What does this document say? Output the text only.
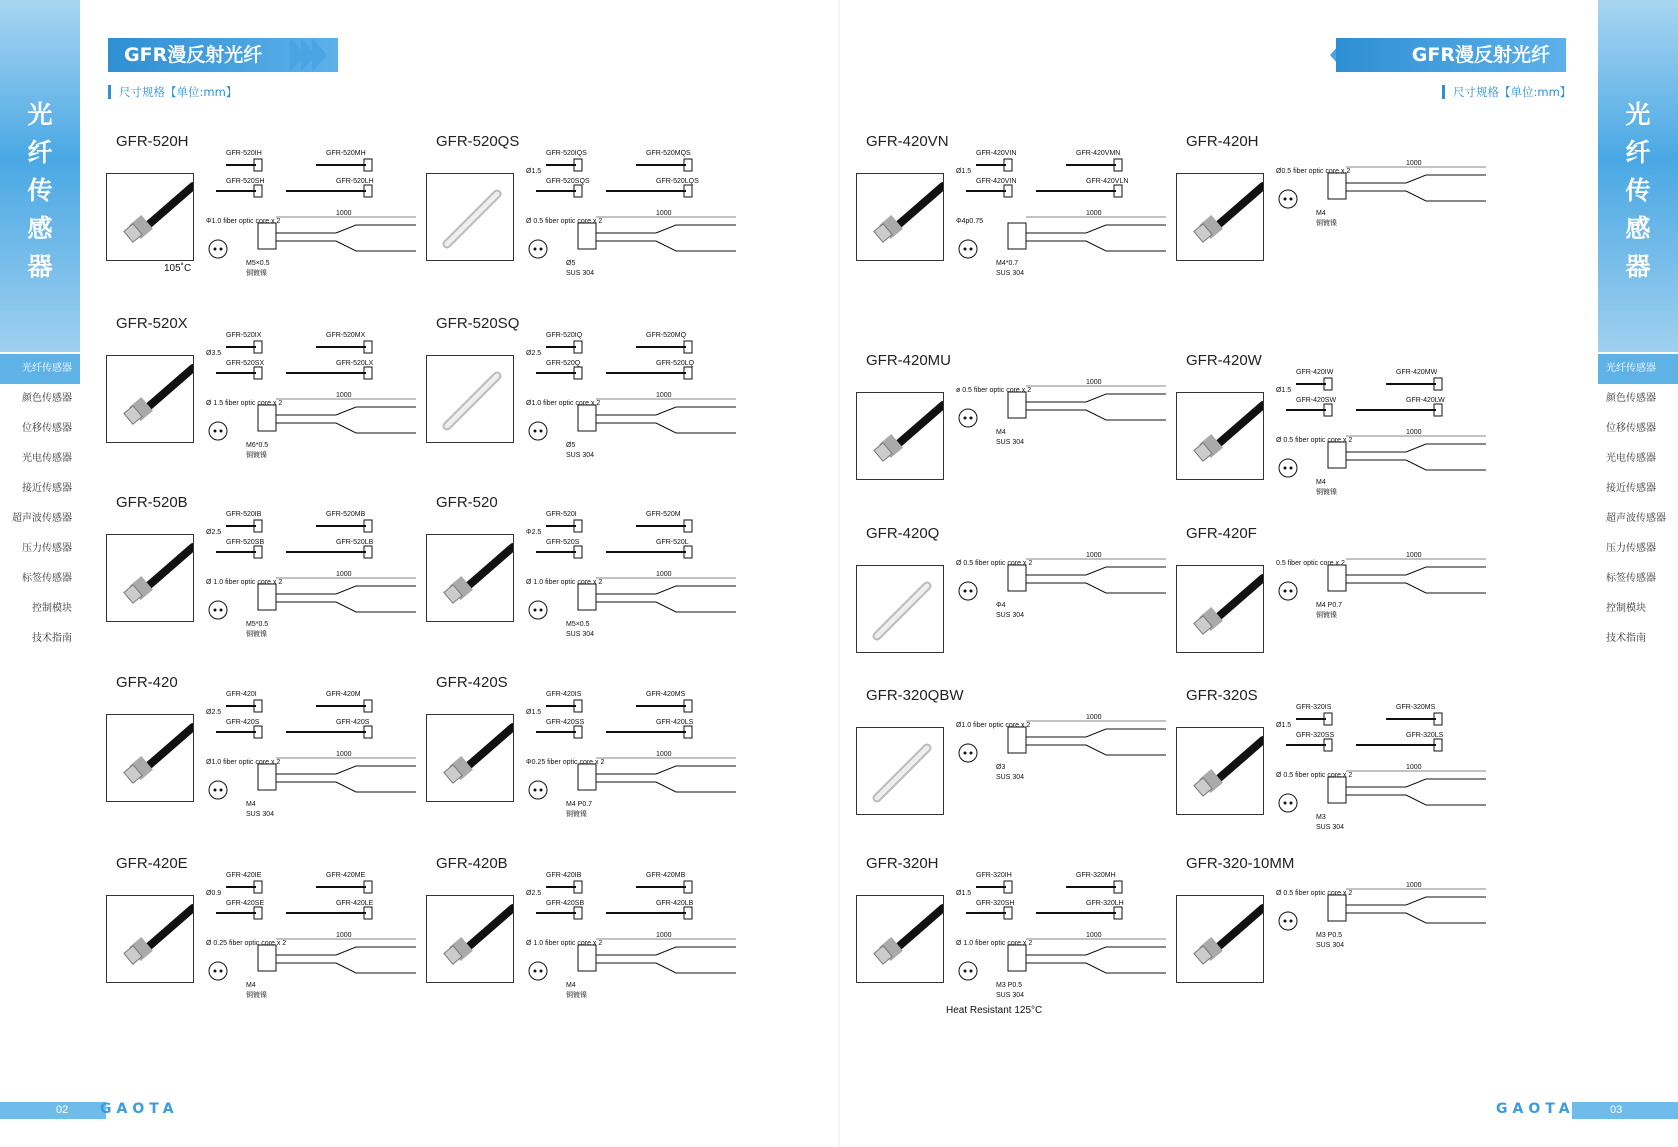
光
纤
传
感
器
光纤传感器
颜色传感器
位移传感器
光电传感器
接近传感器
超声波传感器
压力传感器
标签传感器
控制模块
技术指南
光
纤
传
感
器
光纤传感器
颜色传感器
位移传感器
光电传感器
接近传感器
超声波传感器
压力传感器
标签传感器
控制模块
技术指南
GFR漫反射光纤	GFR漫反射光纤
尺寸规格【单位:mm】	尺寸规格【单位:mm】
GFR-520H
GFR-520IH	GFR-520MH
GFR-520SH	GFR-520LH
Φ1.0 fiber optic core x 2
1000
M5×0.5
铜镀镍
105˚C
GFR-520QS
GFR-520IQS	GFR-520MQS
GFR-520SQS	GFR-520LQS
Ø1.5
Ø 0.5 fiber optic core x 2
1000
Ø5
SUS 304
GFR-520X
GFR-520IX	GFR-520MX
GFR-520SX	GFR-520LX
Ø3.5
Ø 1.5 fiber optic core x 2
1000
M6*0.5
铜镀镍
GFR-520SQ
GFR-520IQ	GFR-520MQ
GFR-520Q	GFR-520LQ
Ø2.5
Ø1.0 fiber optic core x 2
1000
Ø5
SUS 304
GFR-520B
GFR-520IB	GFR-520MB
GFR-520SB	GFR-520LB
Ø2.5
Ø 1.0 fiber optic core x 2
1000
M5*0.5
铜镀镍
GFR-520
GFR-520I	GFR-520M
GFR-520S	GFR-520L
Φ2.5
Ø 1.0 fiber optic core x 2
1000
M5×0.5
SUS 304
GFR-420
GFR-420I	GFR-420M
GFR-420S	GFR-420S
Ø2.5
Ø1.0 fiber optic core x 2
1000
M4
SUS 304
GFR-420S
GFR-420IS	GFR-420MS
GFR-420SS	GFR-420LS
Ø1.5
Φ0.25 fiber optic core x 2
1000
M4 P0.7
铜镀镍
GFR-420E
GFR-420IE	GFR-420ME
GFR-420SE	GFR-420LE
Ø0.9
Ø 0.25 fiber optic core x 2
1000
M4
铜镀镍
GFR-420B
GFR-420IB	GFR-420MB
GFR-420SB	GFR-420LB
Ø2.5
Ø 1.0 fiber optic core x 2
1000
M4
铜镀镍
GFR-420VN
GFR-420VIN	GFR-420VMN
GFR-420VIN	GFR-420VLN
Ø1.5
Φ4p0.75
1000
M4*0.7
SUS 304
GFR-420H
Ø0.5 fiber optic core x 2
1000
M4
铜镀镍
GFR-420MU
ø 0.5 fiber optic core x 2
1000
M4
SUS 304
GFR-420W
GFR-420IW	GFR-420MW
GFR-420SW	GFR-420LW
Ø1.5
Ø 0.5 fiber optic core x 2
1000
M4
铜镀镍
GFR-420Q
Ø 0.5 fiber optic core x 2
1000
Φ4
SUS 304
GFR-420F
0.5 fiber optic core x 2
1000
M4 P0.7
铜镀镍
GFR-320QBW
Ø1.0 fiber optic core x 2
1000
Ø3
SUS 304
GFR-320S
GFR-320IS	GFR-320MS
GFR-320SS	GFR-320LS
Ø1.5
Ø 0.5 fiber optic core x 2
1000
M3
SUS 304
GFR-320H
GFR-320IH	GFR-320MH
GFR-320SH	GFR-320LH
Ø1.5
Ø 1.0 fiber optic core x 2
1000
M3 P0.5
SUS 304
Heat Resistant 125°C
GFR-320-10MM
Ø 0.5 fiber optic core x 2
1000
M3 P0.5
SUS 304
02 GAOTA	03
GAOTA
